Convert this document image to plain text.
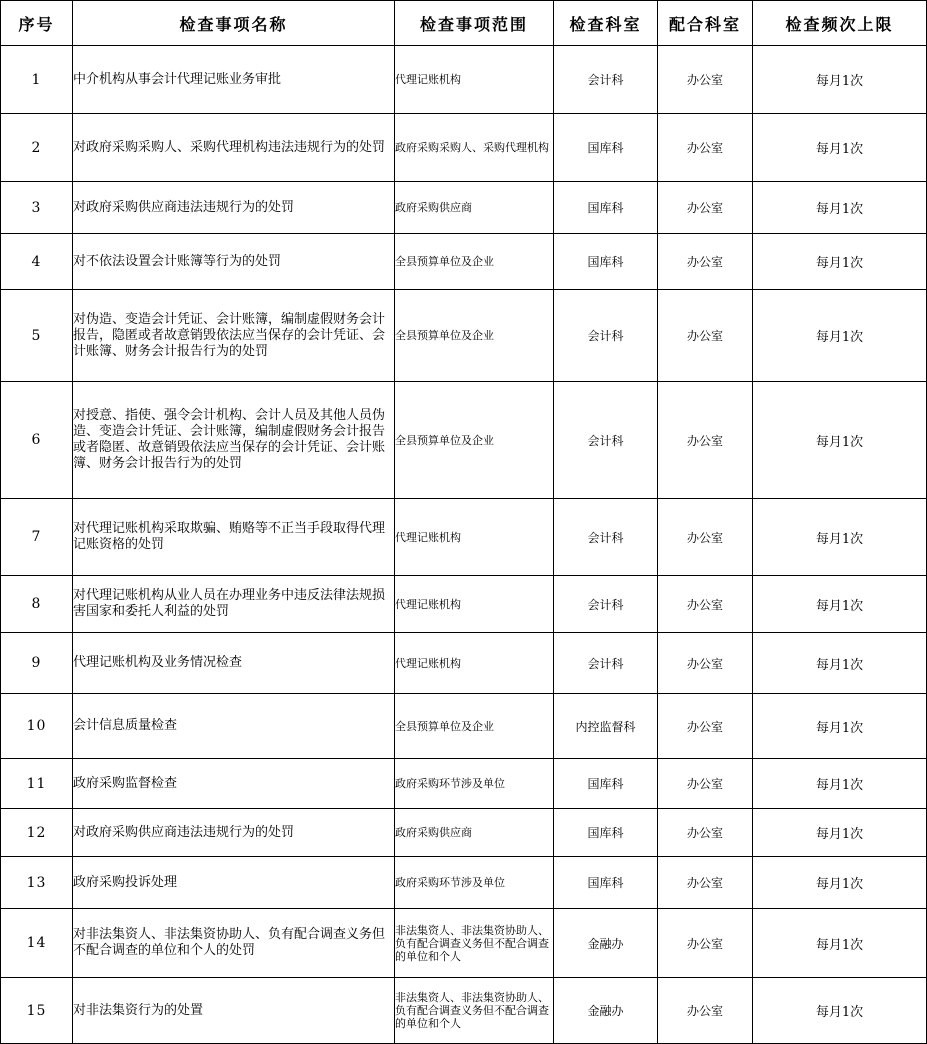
序号	检查事项名称	检查事项范围	检查科室	配合科室	检查频次上限
1	中介机构从事会计代理记账业务审批	代理记账机构	会计科	办公室	每月1次
2	对政府采购采购人、采购代理机构违法违规行为的处罚	政府采购采购人、采购代理机构	国库科	办公室	每月1次
3	对政府采购供应商违法违规行为的处罚	政府采购供应商	国库科	办公室	每月1次
4	对不依法设置会计账簿等行为的处罚	全县预算单位及企业	国库科	办公室	每月1次
5	对伪造、变造会计凭证、会计账簿，编制虚假财务会计报告，隐匿或者故意销毁依法应当保存的会计凭证、会计账簿、财务会计报告行为的处罚	全县预算单位及企业	会计科	办公室	每月1次
6	对授意、指使、强令会计机构、会计人员及其他人员伪造、变造会计凭证、会计账簿，编制虚假财务会计报告或者隐匿、故意销毁依法应当保存的会计凭证、会计账簿、财务会计报告行为的处罚	全县预算单位及企业	会计科	办公室	每月1次
7	对代理记账机构采取欺骗、贿赂等不正当手段取得代理记账资格的处罚	代理记账机构	会计科	办公室	每月1次
8	对代理记账机构从业人员在办理业务中违反法律法规损害国家和委托人利益的处罚	代理记账机构	会计科	办公室	每月1次
9	代理记账机构及业务情况检查	代理记账机构	会计科	办公室	每月1次
10	会计信息质量检查	全县预算单位及企业	内控监督科	办公室	每月1次
11	政府采购监督检查	政府采购环节涉及单位	国库科	办公室	每月1次
12	对政府采购供应商违法违规行为的处罚	政府采购供应商	国库科	办公室	每月1次
13	政府采购投诉处理	政府采购环节涉及单位	国库科	办公室	每月1次
14	对非法集资人、非法集资协助人、负有配合调查义务但不配合调查的单位和个人的处罚	非法集资人、非法集资协助人、负有配合调查义务但不配合调查的单位和个人	金融办	办公室	每月1次
15	对非法集资行为的处置	非法集资人、非法集资协助人、负有配合调查义务但不配合调查的单位和个人	金融办	办公室	每月1次
